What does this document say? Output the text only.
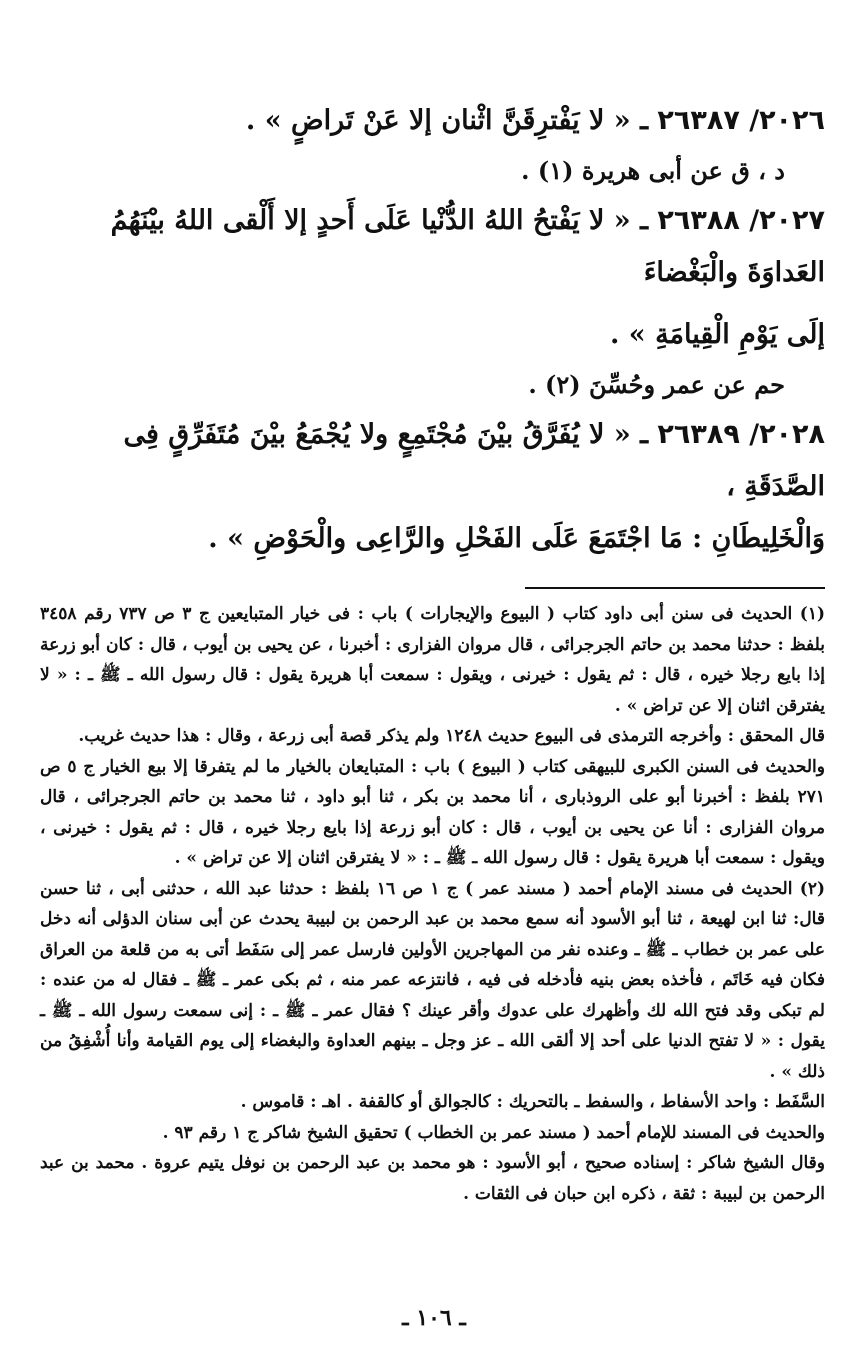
٢٠٢٦/ ٢٦٣٨٧ ـ « لا يَفْترِقَنَّ اثْنان إلا عَنْ تَراضٍ » .

د ، ق عن أبى هريرة (١) .

٢٠٢٧/ ٢٦٣٨٨ ـ « لا يَفْتحُ اللهُ الدُّنْيا عَلَى أَحدٍ إلا أَلْقى اللهُ بيْنَهُمُ العَداوَةَ والْبَغْضاءَ

إلَى يَوْمِ الْقِيامَةِ » .

حم عن عمر وحُسِّنَ (٢) .

٢٠٢٨/ ٢٦٣٨٩ ـ « لا يُفَرَّقُ بيْنَ مُجْتَمِعٍ ولا يُجْمَعُ بيْنَ مُتَفَرِّقٍ فِى الصَّدَقَةِ ،

وَالْخَلِيطَانِ : مَا اجْتَمَعَ عَلَى الفَحْلِ والرَّاعِى والْحَوْضِ » .

(١) الحديث فى سنن أبى داود كتاب ( البيوع والإيجارات ) باب : فى خيار المتبايعين ج ٣ ص ٧٣٧ رقم ٣٤٥٨ بلفظ : حدثنا محمد بن حاتم الجرجرائى ، قال مروان الفزارى : أخبرنا ، عن يحيى بن أيوب ، قال : كان أبو زرعة إذا بايع رجلا خيره ، قال : ثم يقول : خيرنى ، ويقول : سمعت أبا هريرة يقول : قال رسول الله ـ ﷺ ـ : « لا يفترقن اثنان إلا عن تراض » .

قال المحقق : وأخرجه الترمذى فى البيوع حديث ١٢٤٨ ولم يذكر قصة أبى زرعة ، وقال : هذا حديث غريب.

والحديث فى السنن الكبرى للبيهقى كتاب ( البيوع ) باب : المتبايعان بالخيار ما لم يتفرقا إلا بيع الخيار ج ٥ ص ٢٧١ بلفظ : أخبرنا أبو على الروذبارى ، أنا محمد بن بكر ، ثنا أبو داود ، ثنا محمد بن حاتم الجرجرائى ، قال مروان الفزارى : أنا عن يحيى بن أيوب ، قال : كان أبو زرعة إذا بايع رجلا خيره ، قال : ثم يقول : خيرنى ، ويقول : سمعت أبا هريرة يقول : قال رسول الله ـ ﷺ ـ : « لا يفترقن اثنان إلا عن تراض » .

(٢) الحديث فى مسند الإمام أحمد ( مسند عمر ) ج ١ ص ١٦ بلفظ : حدثنا عبد الله ، حدثنى أبى ، ثنا حسن قال: ثنا ابن لهيعة ، ثنا أبو الأسود أنه سمع محمد بن عبد الرحمن بن لبيبة يحدث عن أبى سنان الدؤلى أنه دخل على عمر بن خطاب ـ ﷺ ـ وعنده نفر من المهاجرين الأولين فارسل عمر إلى سَفَط أتى به من قلعة من العراق فكان فيه خَاتَم ، فأخذه بعض بنيه فأدخله فى فيه ، فانتزعه عمر منه ، ثم بكى عمر ـ ﷺ ـ فقال له من عنده : لم تبكى وقد فتح الله لك وأظهرك على عدوك وأقر عينك ؟ فقال عمر ـ ﷺ ـ : إنى سمعت رسول الله ـ ﷺ ـ يقول : « لا تفتح الدنيا على أحد إلا ألقى الله ـ عز وجل ـ بينهم العداوة والبغضاء إلى يوم القيامة وأنا أُشْفِقُ من ذلك » .

السَّفَط : واحد الأسفاط ، والسفط ـ بالتحريك : كالجوالق أو كالقفة . اهـ : قاموس .

والحديث فى المسند للإمام أحمد ( مسند عمر بن الخطاب ) تحقيق الشيخ شاكر ج ١ رقم ٩٣ .

وقال الشيخ شاكر : إسناده صحيح ، أبو الأسود : هو محمد بن عبد الرحمن بن نوفل يتيم عروة . محمد بن عبد الرحمن بن لبيبة : ثقة ، ذكره ابن حبان فى الثقات .

ـ ١٠٦ ـ
